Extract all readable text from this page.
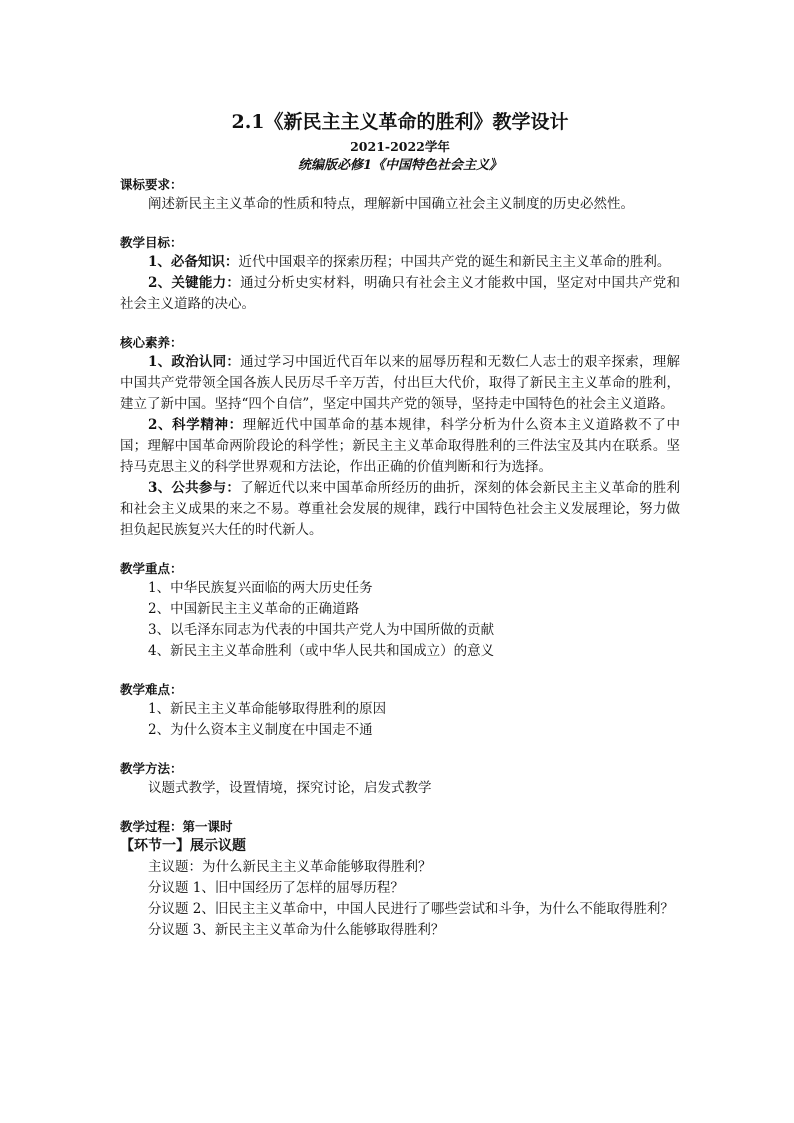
2.1《新民主主义革命的胜利》教学设计
2021-2022学年
统编版必修1《中国特色社会主义》
课标要求：

阐述新民主主义革命的性质和特点，理解新中国确立社会主义制度的历史必然性。

教学目标：

1、必备知识：近代中国艰辛的探索历程；中国共产党的诞生和新民主主义革命的胜利。

2、关键能力：通过分析史实材料，明确只有社会主义才能救中国，坚定对中国共产党和社会主义道路的决心。

核心素养：

1、政治认同：通过学习中国近代百年以来的屈辱历程和无数仁人志士的艰辛探索，理解中国共产党带领全国各族人民历尽千辛万苦，付出巨大代价，取得了新民主主义革命的胜利，建立了新中国。坚持“四个自信”，坚定中国共产党的领导，坚持走中国特色的社会主义道路。

2、科学精神：理解近代中国革命的基本规律，科学分析为什么资本主义道路救不了中国；理解中国革命两阶段论的科学性；新民主主义革命取得胜利的三件法宝及其内在联系。坚持马克思主义的科学世界观和方法论，作出正确的价值判断和行为选择。

3、公共参与：了解近代以来中国革命所经历的曲折，深刻的体会新民主主义革命的胜利和社会主义成果的来之不易。尊重社会发展的规律，践行中国特色社会主义发展理论，努力做担负起民族复兴大任的时代新人。

教学重点：
1、中华民族复兴面临的两大历史任务
2、中国新民主主义革命的正确道路
3、以毛泽东同志为代表的中国共产党人为中国所做的贡献
4、新民主主义革命胜利（或中华人民共和国成立）的意义
教学难点：
1、新民主主义革命能够取得胜利的原因
2、为什么资本主义制度在中国走不通
教学方法：
议题式教学，设置情境，探究讨论，启发式教学
教学过程：第一课时
【环节一】展示议题
主议题：为什么新民主主义革命能够取得胜利？
分议题 1、旧中国经历了怎样的屈辱历程？
分议题 2、旧民主主义革命中，中国人民进行了哪些尝试和斗争，为什么不能取得胜利？
分议题 3、新民主主义革命为什么能够取得胜利？
